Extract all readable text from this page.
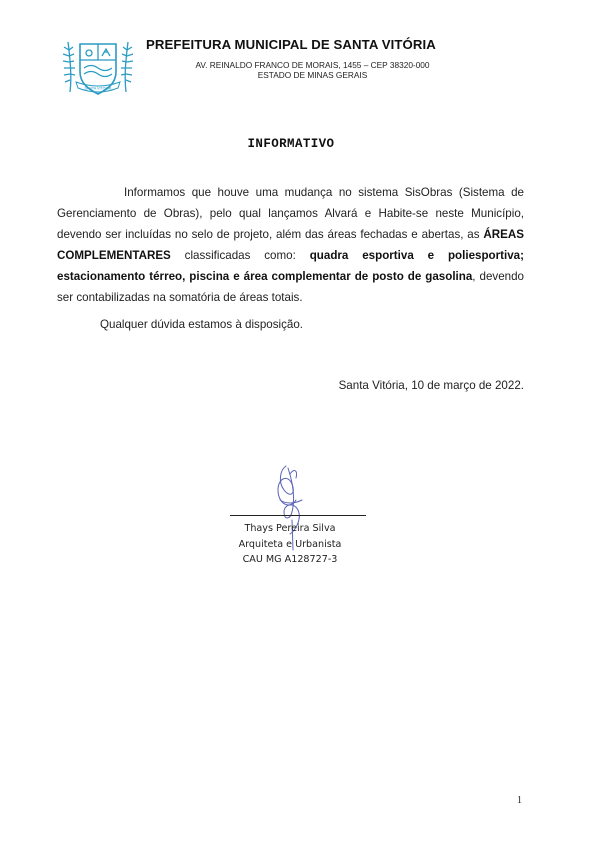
SANTA VITÓRIA
PREFEITURA MUNICIPAL DE SANTA VITÓRIA
AV. REINALDO FRANCO DE MORAIS, 1455 – CEP 38320-000
ESTADO DE MINAS GERAIS
INFORMATIVO
Informamos que houve uma mudança no sistema SisObras (Sistema de Gerenciamento de Obras), pelo qual lançamos Alvará e Habite-se neste Município, devendo ser incluídas no selo de projeto, além das áreas fechadas e abertas, as ÁREAS COMPLEMENTARES classificadas como: quadra esportiva e poliesportiva; estacionamento térreo, piscina e área complementar de posto de gasolina, devendo ser contabilizadas na somatória de áreas totais.
Qualquer dúvida estamos à disposição.
Santa Vitória, 10 de março de 2022.
Thays Pereira Silva
Arquiteta e Urbanista
CAU MG A128727-3
1
